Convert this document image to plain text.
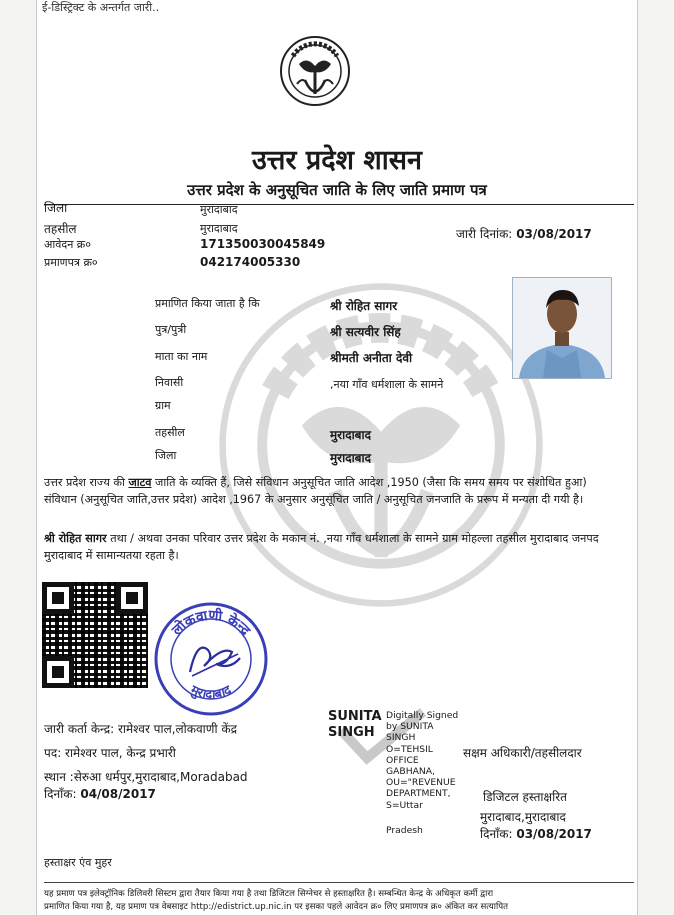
ई-डिस्ट्रिक्ट के अन्तर्गत जारी..
उत्तर प्रदेश शासन
उत्तर प्रदेश के अनुसूचित जाति के लिए जाति प्रमाण पत्र
जिला	मुरादाबाद
तहसील	मुरादाबाद
आवेदन क्र०	171350030045849
प्रमाणपत्र क्र०	042174005330
जारी दिनांक: 03/08/2017
प्रमाणित किया जाता है कि	श्री रोहित सागर
पुत्र/पुत्री	श्री सत्यवीर सिंह
माता का नाम	श्रीमती अनीता देवी
निवासी	,नया गाँव धर्मशाला के सामने
ग्राम
तहसील	मुरादाबाद
जिला	मुरादाबाद
उत्तर प्रदेश राज्य की जाटव जाति के व्यक्ति हैं, जिसे संविधान अनुसूचित जाति आदेश ,1950 (जैसा कि समय समय पर संशोधित हुआ) संविधान (अनुसूचित जाति,उत्तर प्रदेश) आदेश ,1967 के अनुसार अनुसूचित जाति / अनुसूचित जनजाति के प्ररूप में मन्यता दी गयी है।
श्री रोहित सागर तथा / अथवा उनका परिवार उत्तर प्रदेश के मकान नं. ,नया गाँव धर्मशाला के सामने ग्राम मोहल्ला तहसील मुरादाबाद जनपद मुरादाबाद में सामान्यतया रहता है।
लोकवाणी केन्द्र
मुरादाबाद
SUNITA
SINGH
Digitally Signed
by SUNITA
SINGH
O=TEHSIL
OFFICE
GABHANA,
OU="REVENUE
DEPARTMENT,
S=Uttar
Pradesh
जारी कर्ता केन्द्र: रामेश्वर पाल,लोकवाणी केंद्र
पद: रामेश्वर पाल, केन्द्र प्रभारी
स्थान :सेरुआ धर्मपुर,मुरादाबाद,Moradabad
दिनाँक: 04/08/2017
सक्षम अधिकारी/तहसीलदार
डिजिटल हस्ताक्षरित
मुरादाबाद,मुरादाबाद
दिनाँक: 03/08/2017
हस्ताक्षर एंव मुहर
यह प्रमाण पत्र इलेक्ट्रॉनिक डिलिवरी सिस्टम द्वारा तैयार किया गया है तथा डिजिटल सिग्नेचर से हस्ताक्षरित है। सम्बन्धित केन्द्र के अधिकृत कर्मी द्वारा
प्रमाणित किया गया है, यह प्रमाण पत्र वेबसाइट http://edistrict.up.nic.in पर इसका पहले आवेदन क्र० लिए प्रमाणपत्र क्र० अंकित कर सत्यापित
